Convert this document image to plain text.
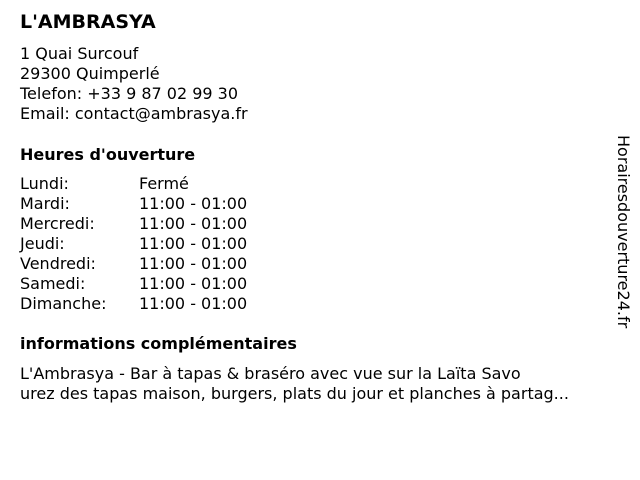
L'AMBRASYA
1 Quai Surcouf
29300 Quimperlé
Telefon: +33 9 87 02 99 30
Email: contact@ambrasya.fr
Heures d'ouverture
Lundi:	Fermé
Mardi:	11:00 - 01:00
Mercredi:	11:00 - 01:00
Jeudi:	11:00 - 01:00
Vendredi:	11:00 - 01:00
Samedi:	11:00 - 01:00
Dimanche: 11:00 - 01:00
informations complémentaires
L'Ambrasya - Bar à tapas & braséro avec vue sur la Laïta Savo
urez des tapas maison, burgers, plats du jour et planches à partag...
Horairesdouverture24.fr
